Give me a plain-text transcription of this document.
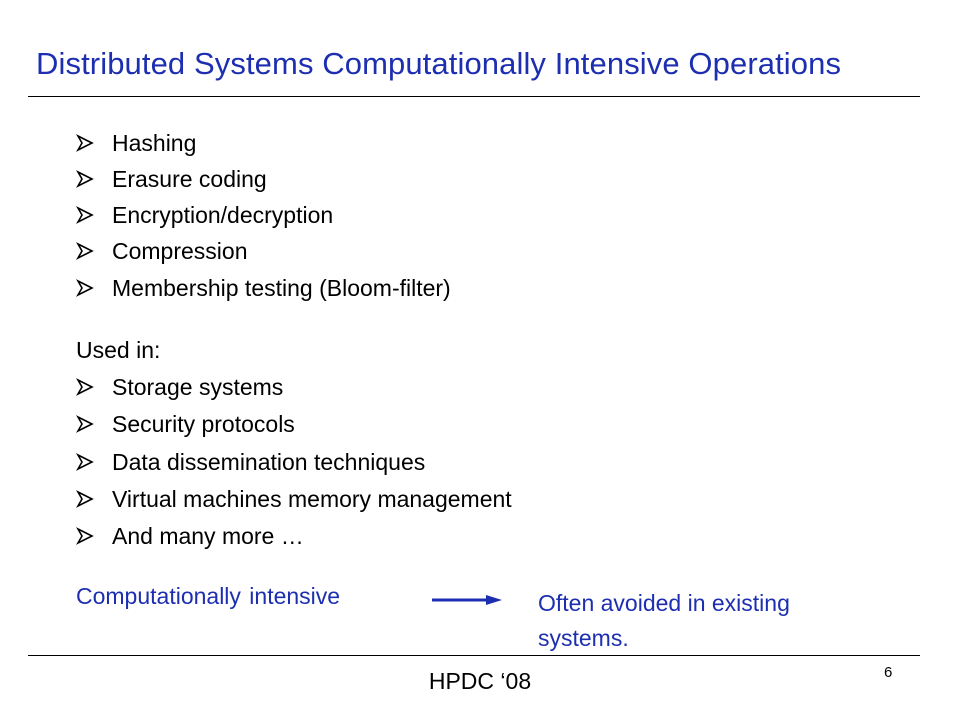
Distributed Systems Computationally Intensive Operations
Hashing
Erasure coding
Encryption/decryption
Compression
Membership testing (Bloom-filter)
Used in:
Storage systems
Security protocols
Data dissemination techniques
Virtual machines memory management
And many more …
Computationally intensive	Often avoided in existing systems.
6
HPDC ‘08
